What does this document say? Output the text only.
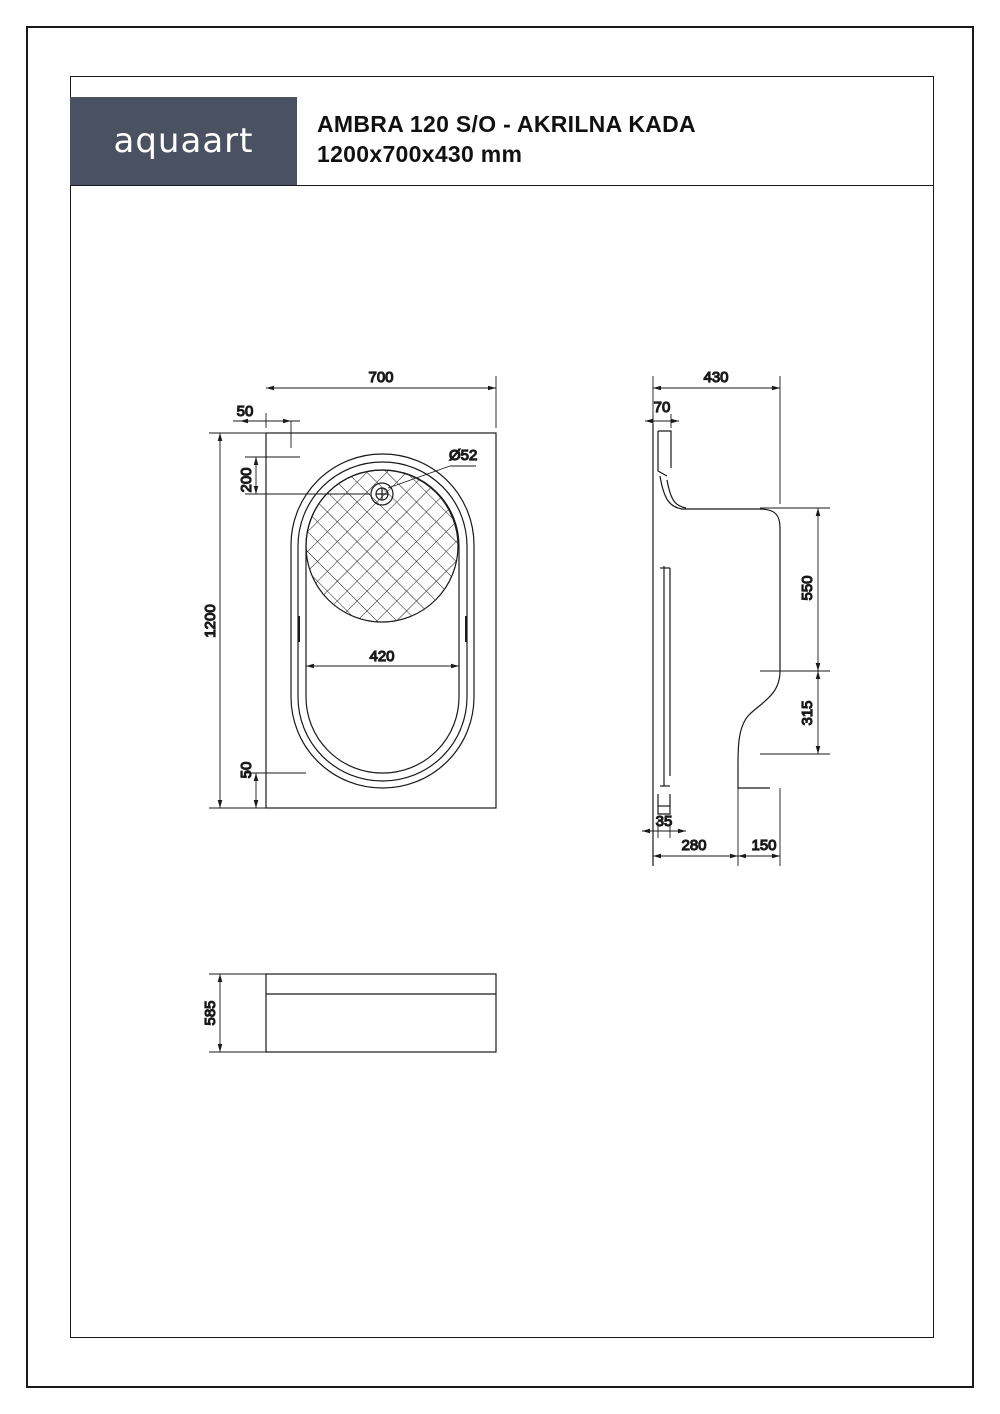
aquaart	AMBRA 120 S/O - AKRILNA KADA
1200x700x430 mm
700
50
200
Ø52
1200
420
50
430
70
550
315
35
280	150
585
